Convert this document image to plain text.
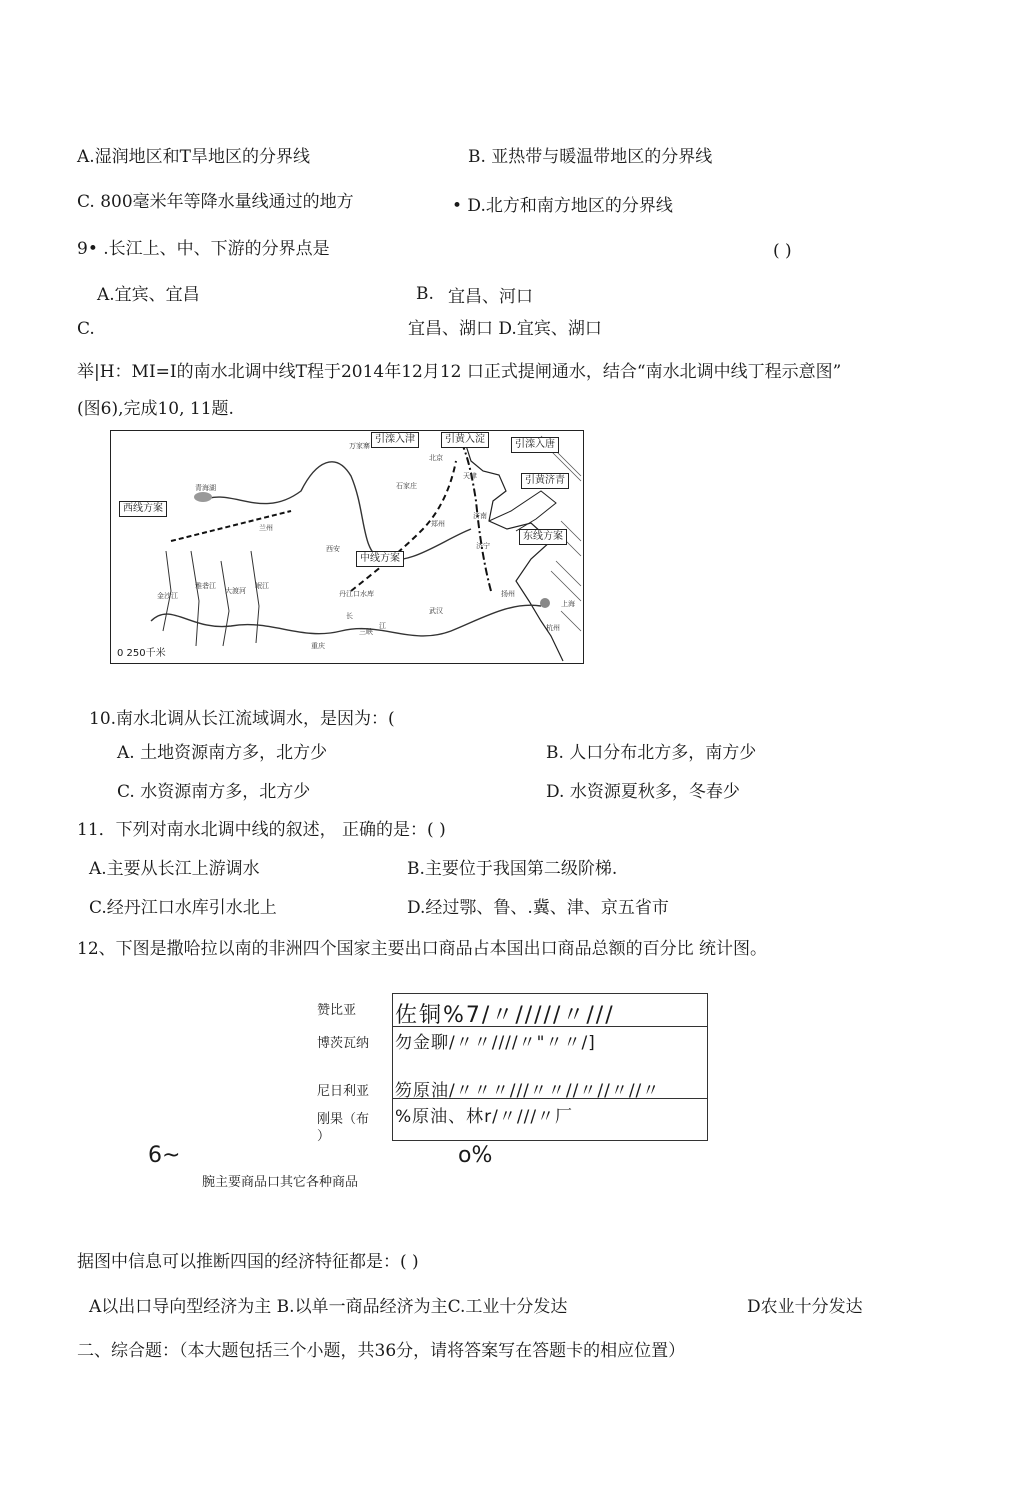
A.湿润地区和T旱地区的分界线	B. 亚热带与暖温带地区的分界线
C. 800毫米年等降水量线通过的地方	• D.北方和南方地区的分界线
9• .长江上、中、下游的分界点是	( )
A.宜宾、宜昌	B. 宜昌、河口
C.	宜昌、湖口 D.宜宾、湖口
举|H：MI=I的南水北调中线T程于2014年12月12 口正式提闸通水，结合“南水北调中线丁程示意图”
(图6),完成10, 11题.
西线方案
中线方案
东线方案
引滦入津	引黄入淀	引滦入唐
引黄济青
青海湖
兰州
西安
郑州
北京
天津
石家庄
济南
济宁
扬州
武汉
重庆
上海
杭州
长
江
三峡
金沙江
雅砻江
大渡河
岷江
万家寨
丹江口水库
0 250千米
10.南水北调从长江流域调水，是因为：(
A. 土地资源南方多，北方少	B. 人口分布北方多，南方少
C. 水资源南方多，北方少	D. 水资源夏秋多，冬春少
11．下列对南水北调中线的叙述， 正确的是：( )
A.主要从长江上游调水	B.主要位于我国第二级阶梯.
C.经丹江口水库引水北上	D.经过鄂、鲁、.冀、津、京五省市
12、下图是撒哈拉以南的非洲四个国家主要出口商品占本国出口商品总额的百分比 统计图。
赞比亚
博茨瓦纳
尼日利亚
刚果（布
）
佐铜%7/〃/////〃///
勿金聊/〃〃////〃"〃〃/]
笏原油/〃〃〃///〃〃//〃//〃//〃
%原油、林r/〃///〃厂
6~	o%
腕主要商品口其它各种商品
据图中信息可以推断四国的经济特征都是：( )
A以出口导向型经济为主 B.以单一商品经济为主C.工业十分发达	D农业十分发达
二、综合题：（本大题包括三个小题，共36分，请将答案写在答题卡的相应位置）
